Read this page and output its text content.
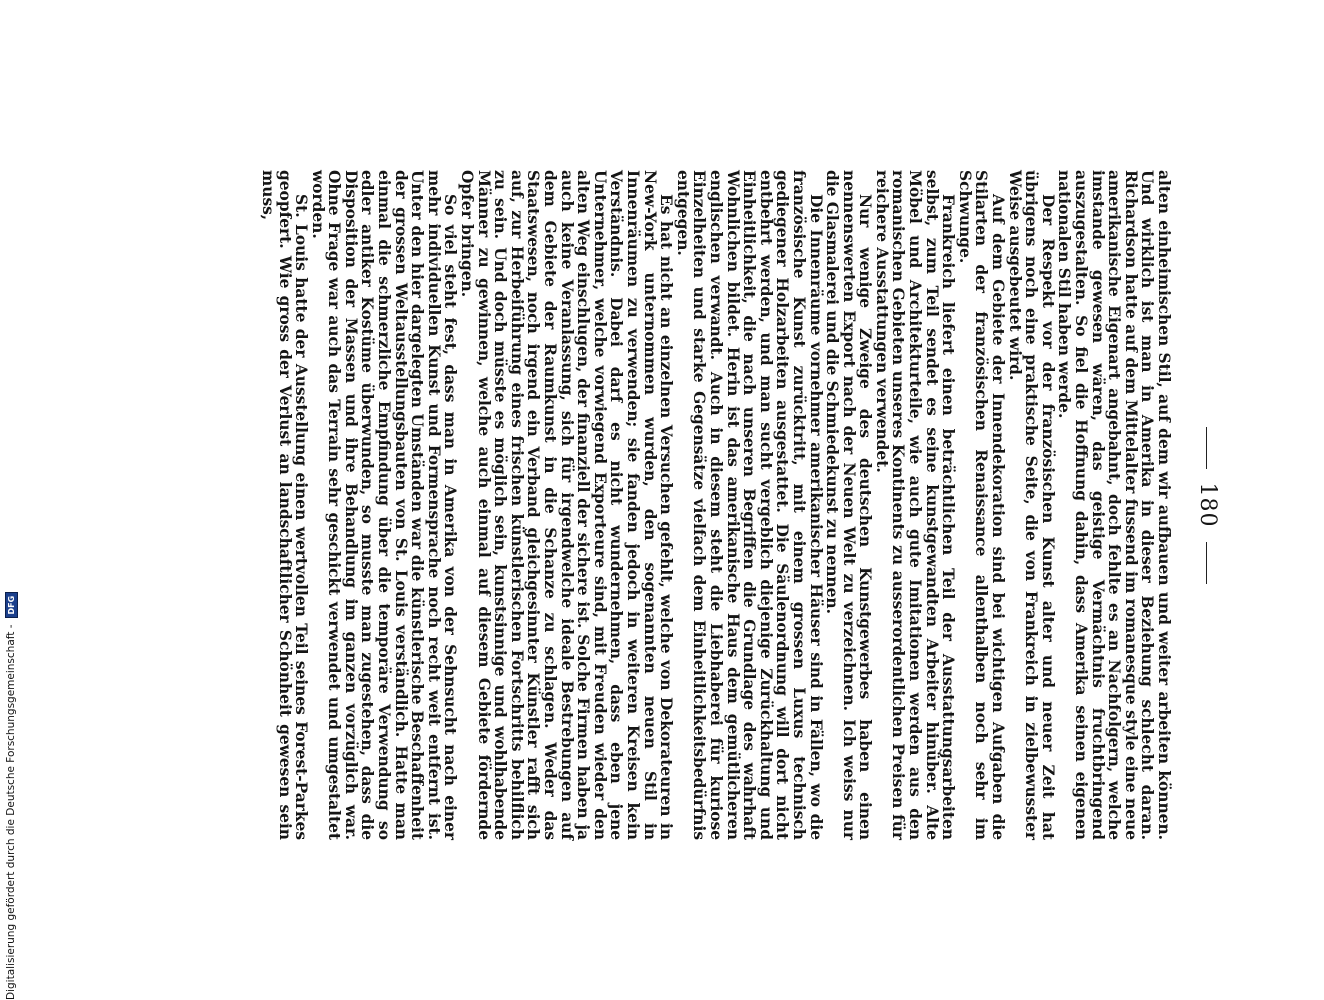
180

alten einheimischen Stil, auf dem wir aufbauen und weiter arbeiten können. Und wirklich ist man in Amerika in dieser Beziehung schlecht daran. Richardson hatte auf dem Mittelalter fussend im romanesque style eine neue amerikanische Eigenart angebahnt, doch fehlte es an Nachfolgern, welche imstande gewesen wären, das geistige Vermächtnis fruchtbringend auszugestalten. So fiel die Hoffnung dahin, dass Amerika seinen eigenen nationalen Stil haben werde.

Der Respekt vor der französischen Kunst alter und neuer Zeit hat übrigens noch eine praktische Seite, die von Frankreich in zielbewusster Weise ausgebeutet wird.

Auf dem Gebiete der Innendekoration sind bei wichtigen Aufgaben die Stilarten der französischen Renaissance allenthalben noch sehr im Schwunge.

Frankreich liefert einen beträchtlichen Teil der Ausstattungsarbeiten selbst, zum Teil sendet es seine kunstgewandten Arbeiter hinüber. Alte Möbel und Architekturteile, wie auch gute Imitationen werden aus den romanischen Gebieten unseres Kontinents zu ausserordentlichen Preisen für reichere Ausstattungen verwendet.

Nur wenige Zweige des deutschen Kunstgewerbes haben einen nennenswerten Export nach der Neuen Welt zu verzeichnen. Ich weiss nur die Glasmalerei und die Schmiedekunst zu nennen.

Die Innenräume vornehmer amerikanischer Häuser sind in Fällen, wo die französische Kunst zurücktritt, mit einem grossen Luxus technisch gediegener Holzarbeiten ausgestattet. Die Säulenordnung will dort nicht entbehrt werden, und man sucht vergeblich diejenige Zurückhaltung und Einheitlichkeit, die nach unseren Begriffen die Grundlage des wahrhaft Wohnlichen bildet. Herin ist das amerikanische Haus dem gemütlicheren englischen verwandt. Auch in diesem steht die Liebhaberei für kuriose Einzelheiten und starke Gegensätze vielfach dem Einheitlichkeitsbedürfnis entgegen.

Es hat nicht an einzelnen Versuchen gefehlt, welche von Dekorateuren in New-York unternommen wurden, den sogenannten neuen Stil in Innenräumen zu verwenden; sie fanden jedoch in weiteren Kreisen kein Verständnis. Dabei darf es nicht wundernehmen, dass eben jene Unternehmer, welche vorwiegend Exporteure sind, mit Freuden wieder den alten Weg einschlugen, der finanziell der sichere ist. Solche Firmen haben ja auch keine Veranlassung, sich für irgendwelche ideale Bestrebungen auf dem Gebiete der Raumkunst in die Schanze zu schlagen. Weder das Staatswesen, noch irgend ein Verband gleichgesinnter Künstler rafft sich auf, zur Herbeiführung eines frischen künstlerischen Fortschritts behilflich zu sein. Und doch müsste es möglich sein, kunstsinnige und wohlhabende Männer zu gewinnen, welche auch einmal auf diesem Gebiete fördernde Opfer bringen.

So viel steht fest, dass man in Amerika von der Sehnsucht nach einer mehr individuellen Kunst und Formensprache noch recht weit entfernt ist. Unter den hier dargelegten Umständen war die künstlerische Beschaffenheit der grossen Weltausstellungsbauten von St. Louis verständlich. Hatte man einmal die schmerzliche Empfindung über die temporäre Verwendung so edler antiker Kostüme überwunden, so musste man zugestehen, dass die Disposition der Massen und ihre Behandlung im ganzen vorzüglich war. Ohne Frage war auch das Terrain sehr geschickt verwendet und umgestaltet worden.

St. Louis hatte der Ausstellung einen wertvollen Teil seines Forest-Parkes geopfert. Wie gross der Verlust an landschaftlicher Schönheit gewesen sein muss,

Digitalisierung gefördert durch die Deutsche Forschungsgemeinschaft -
DFG
